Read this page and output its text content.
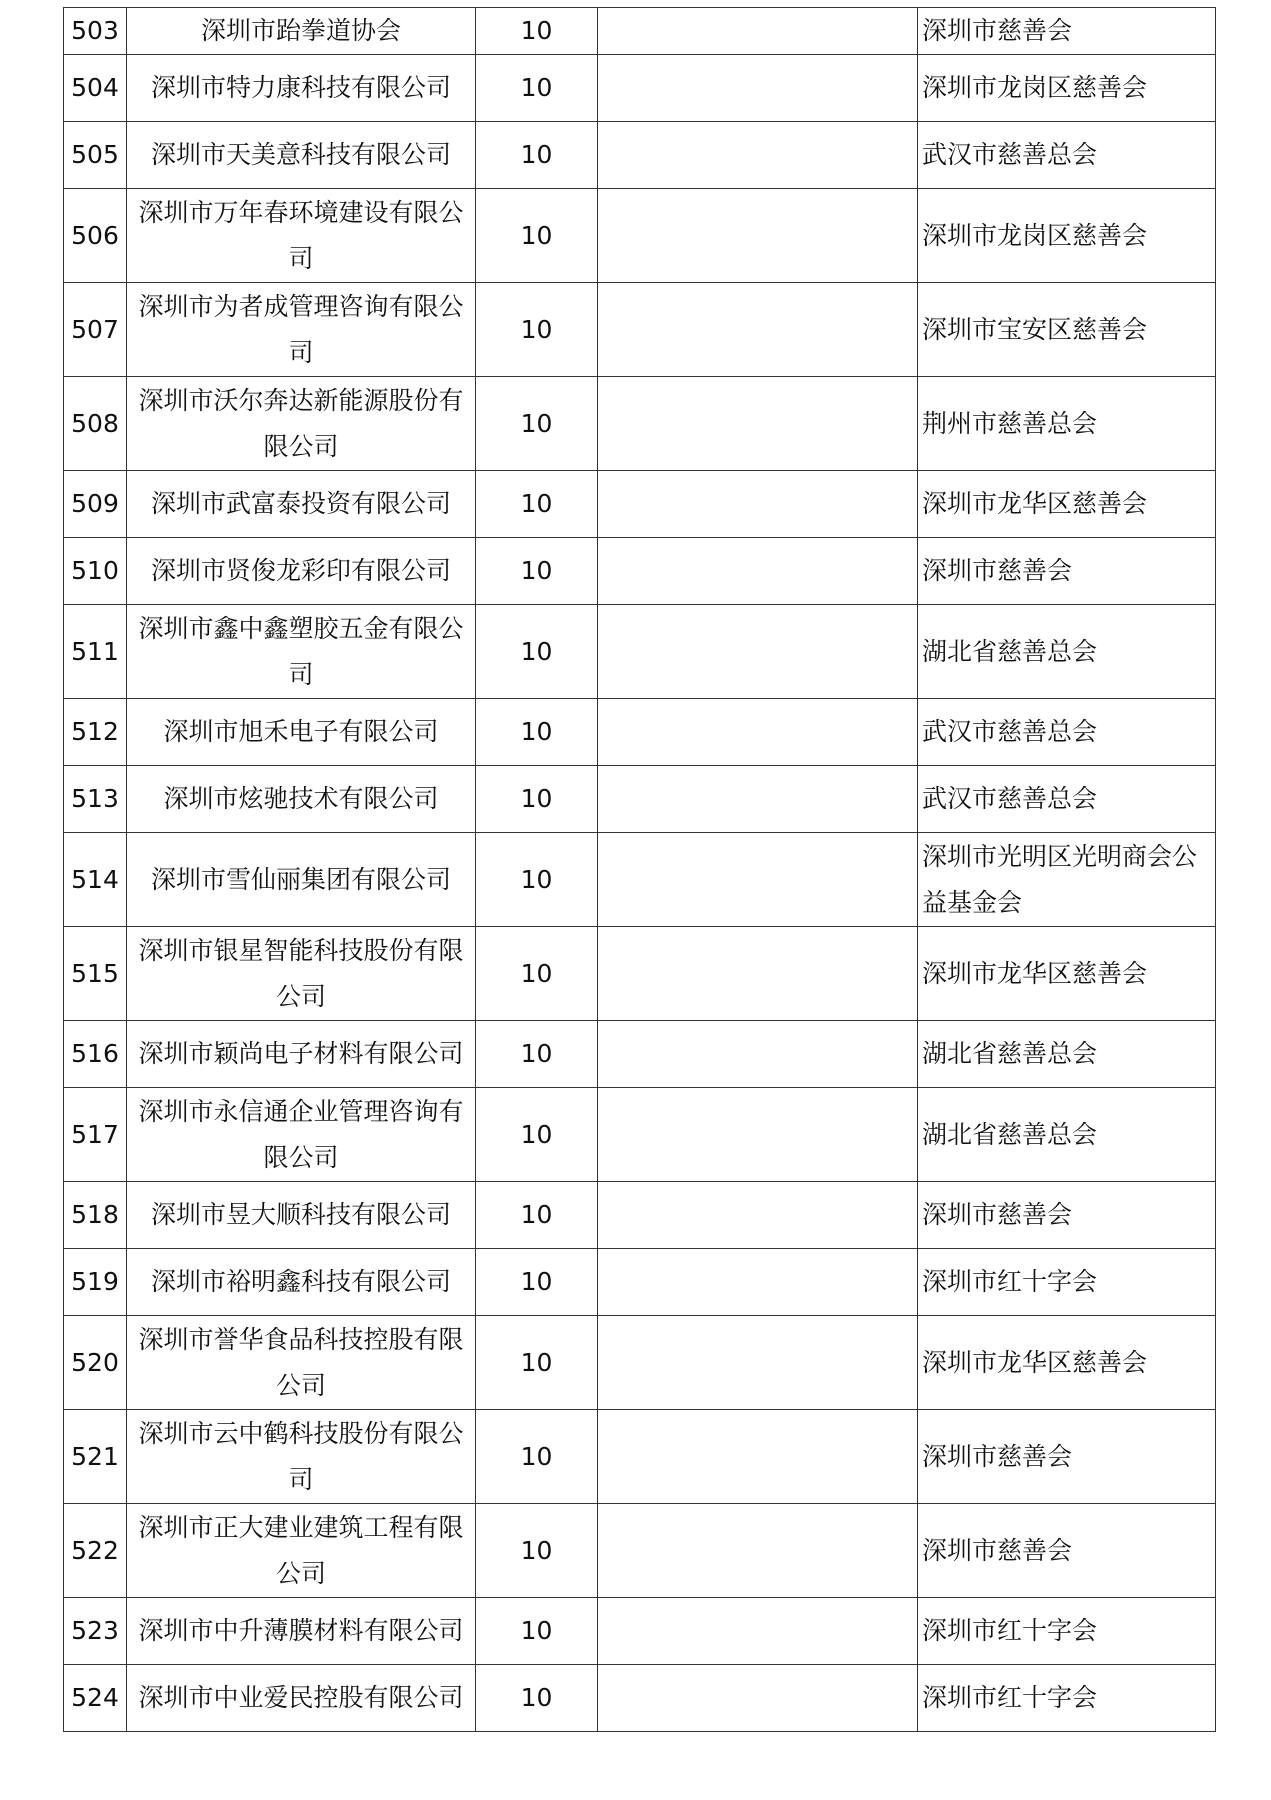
503	深圳市跆拳道协会	10		深圳市慈善会
504	深圳市特力康科技有限公司	10		深圳市龙岗区慈善会
505	深圳市天美意科技有限公司	10		武汉市慈善总会
506	深圳市万年春环境建设有限公司	10		深圳市龙岗区慈善会
507	深圳市为者成管理咨询有限公司	10		深圳市宝安区慈善会
508	深圳市沃尔奔达新能源股份有限公司	10		荆州市慈善总会
509	深圳市武富泰投资有限公司	10		深圳市龙华区慈善会
510	深圳市贤俊龙彩印有限公司	10		深圳市慈善会
511	深圳市鑫中鑫塑胶五金有限公司	10		湖北省慈善总会
512	深圳市旭禾电子有限公司	10		武汉市慈善总会
513	深圳市炫驰技术有限公司	10		武汉市慈善总会
514	深圳市雪仙丽集团有限公司	10		深圳市光明区光明商会公益基金会
515	深圳市银星智能科技股份有限公司	10		深圳市龙华区慈善会
516	深圳市颖尚电子材料有限公司	10		湖北省慈善总会
517	深圳市永信通企业管理咨询有限公司	10		湖北省慈善总会
518	深圳市昱大顺科技有限公司	10		深圳市慈善会
519	深圳市裕明鑫科技有限公司	10		深圳市红十字会
520	深圳市誉华食品科技控股有限公司	10		深圳市龙华区慈善会
521	深圳市云中鹤科技股份有限公司	10		深圳市慈善会
522	深圳市正大建业建筑工程有限公司	10		深圳市慈善会
523	深圳市中升薄膜材料有限公司	10		深圳市红十字会
524	深圳市中业爱民控股有限公司	10		深圳市红十字会
